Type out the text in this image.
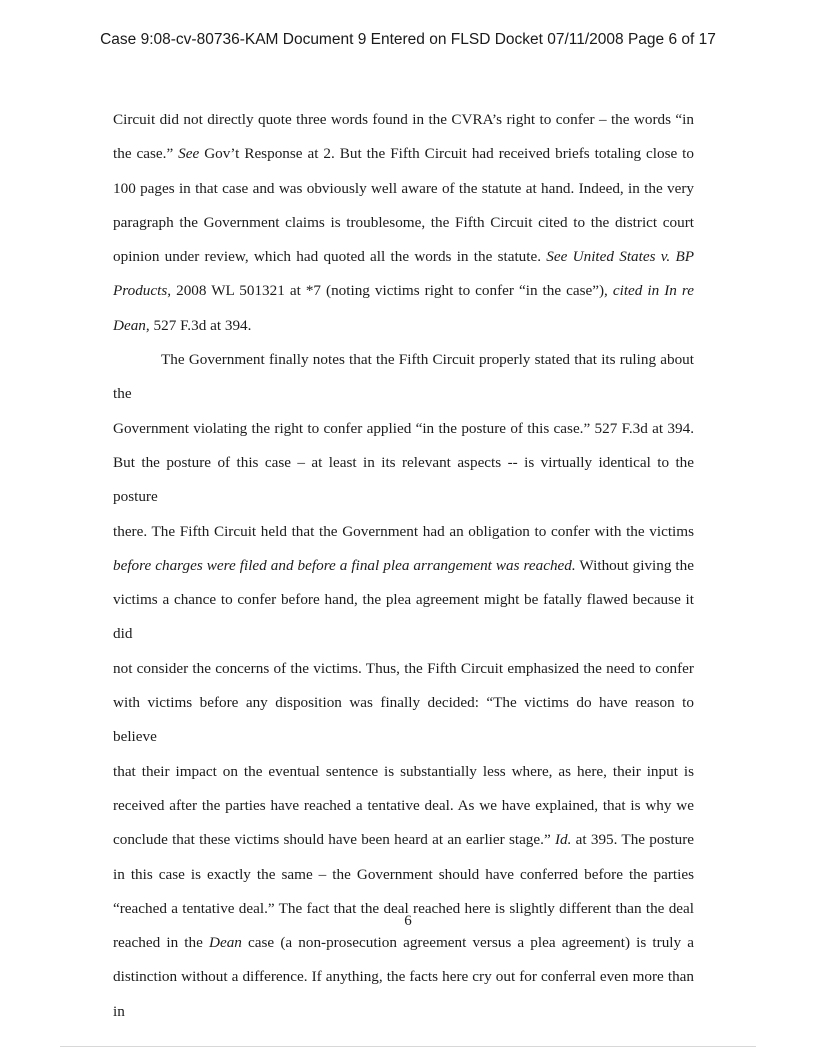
Case 9:08-cv-80736-KAM Document 9 Entered on FLSD Docket 07/11/2008 Page 6 of 17
Circuit did not directly quote three words found in the CVRA’s right to confer – the words “in
the case.” See Gov’t Response at 2. But the Fifth Circuit had received briefs totaling close to
100 pages in that case and was obviously well aware of the statute at hand. Indeed, in the very
paragraph the Government claims is troublesome, the Fifth Circuit cited to the district court
opinion under review, which had quoted all the words in the statute. See United States v. BP
Products, 2008 WL 501321 at *7 (noting victims right to confer “in the case”), cited in In re
Dean, 527 F.3d at 394.
The Government finally notes that the Fifth Circuit properly stated that its ruling about the
Government violating the right to confer applied “in the posture of this case.” 527 F.3d at 394.
But the posture of this case – at least in its relevant aspects -- is virtually identical to the posture
there. The Fifth Circuit held that the Government had an obligation to confer with the victims
before charges were filed and before a final plea arrangement was reached. Without giving the
victims a chance to confer before hand, the plea agreement might be fatally flawed because it did
not consider the concerns of the victims. Thus, the Fifth Circuit emphasized the need to confer
with victims before any disposition was finally decided: “The victims do have reason to believe
that their impact on the eventual sentence is substantially less where, as here, their input is
received after the parties have reached a tentative deal. As we have explained, that is why we
conclude that these victims should have been heard at an earlier stage.” Id. at 395. The posture
in this case is exactly the same – the Government should have conferred before the parties
“reached a tentative deal.” The fact that the deal reached here is slightly different than the deal
reached in the Dean case (a non-prosecution agreement versus a plea agreement) is truly a
distinction without a difference. If anything, the facts here cry out for conferral even more than in
6
